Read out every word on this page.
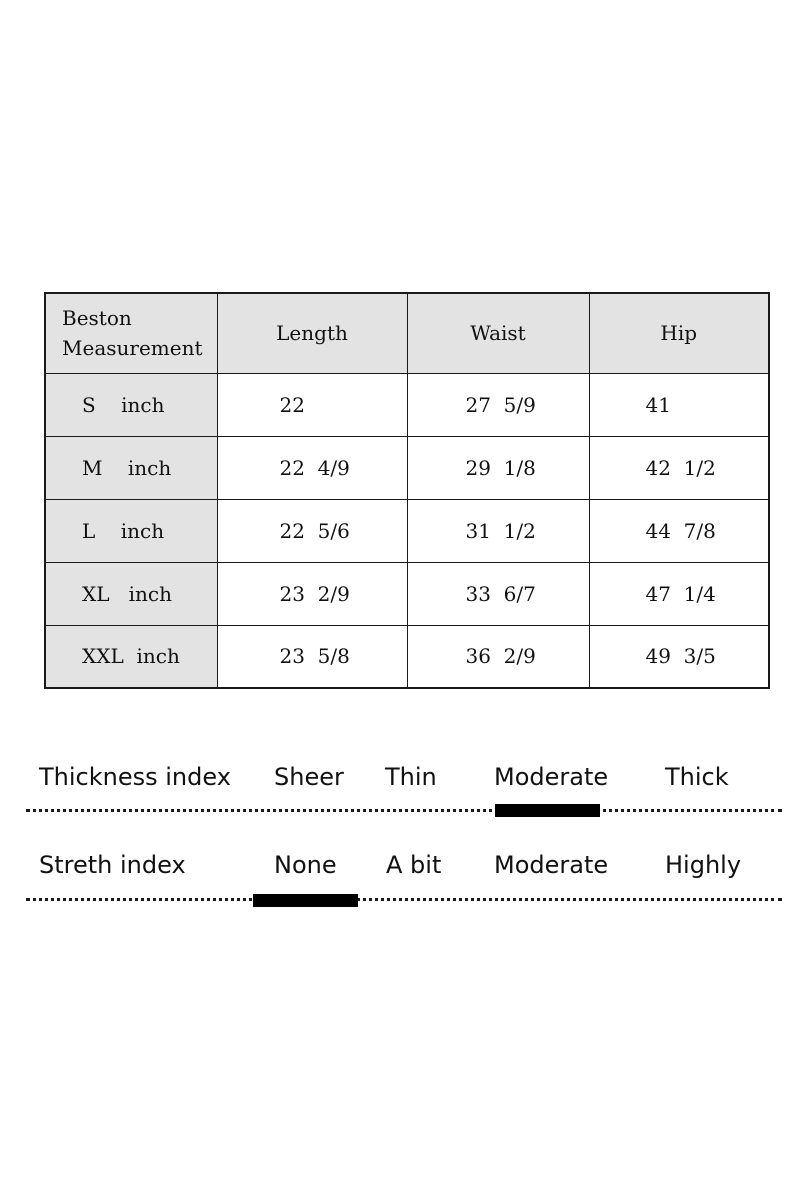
Beston
Measurement	Length	Waist	Hip
S    inch	22	27  5/9	41
M    inch	22  4/9	29  1/8	42  1/2
L    inch	22  5/6	31  1/2	44  7/8
XL   inch	23  2/9	33  6/7	47  1/4
XXL  inch	23  5/8	36  2/9	49  3/5
Thickness index Sheer Thin Moderate Thick
Streth index	None A bit Moderate Highly
